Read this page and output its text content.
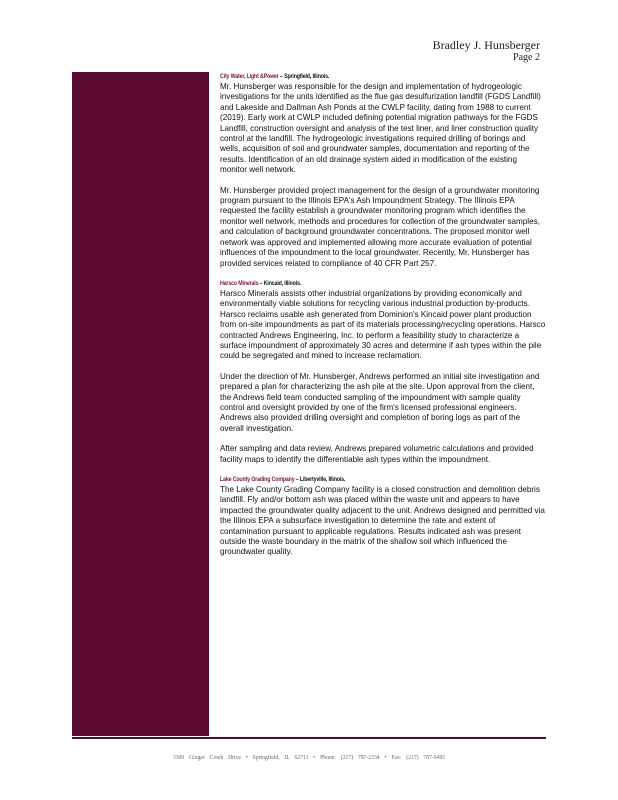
Bradley J. Hunsberger
Page 2
City Water, Light &Power – Springfield, Illinois.

Mr. Hunsberger was responsible for the design and implementation of hydrogeologic investigations for the units identified as the flue gas desulfurization landfill (FGDS Landfill) and Lakeside and Dallman Ash Ponds at the CWLP facility, dating from 1988 to current (2019). Early work at CWLP included defining potential migration pathways for the FGDS Landfill, construction oversight and analysis of the test liner, and liner construction quality control at the landfill. The hydrogeologic investigations required drilling of borings and wells, acquisition of soil and groundwater samples, documentation and reporting of the results. Identification of an old drainage system aided in modification of the existing monitor well network.

Mr. Hunsberger provided project management for the design of a groundwater monitoring program pursuant to the Illinois EPA's Ash Impoundment Strategy. The Illinois EPA requested the facility establish a groundwater monitoring program which identifies the monitor well network, methods and procedures for collection of the groundwater samples, and calculation of background groundwater concentrations. The proposed monitor well network was approved and implemented allowing more accurate evaluation of potential influences of the impoundment to the local groundwater. Recently, Mr. Hunsberger has provided services related to compliance of 40 CFR Part 257.

Harsco Minerals – Kincaid, Illinois.

Harsco Minerals assists other industrial organizations by providing economically and environmentally viable solutions for recycling various industrial production by-products. Harsco reclaims usable ash generated from Dominion's Kincaid power plant production from on-site impoundments as part of its materials processing/recycling operations. Harsco contracted Andrews Engineering, Inc. to perform a feasibility study to characterize a surface impoundment of approximately 30 acres and determine if ash types within the pile could be segregated and mined to increase reclamation.

Under the direction of Mr. Hunsberger, Andrews performed an initial site investigation and prepared a plan for characterizing the ash pile at the site. Upon approval from the client, the Andrews field team conducted sampling of the impoundment with sample quality control and oversight provided by one of the firm's licensed professional engineers. Andrews also provided drilling oversight and completion of boring logs as part of the overall investigation.

After sampling and data review, Andrews prepared volumetric calculations and provided facility maps to identify the differentiable ash types within the impoundment.

Lake County Grading Company – Libertyville, Illinois.

The Lake County Grading Company facility is a closed construction and demolition debris landfill. Fly and/or bottom ash was placed within the waste unit and appears to have impacted the groundwater quality adjacent to the unit. Andrews designed and permitted via the Illinois EPA a subsurface investigation to determine the rate and extent of contamination pursuant to applicable regulations. Results indicated ash was present outside the waste boundary in the matrix of the shallow soil which influenced the groundwater quality.

3300 Ginger Creek Drive • Springfield, IL 62711 • Phone: (217) 787-2334 • Fax: (217) 787-9495
